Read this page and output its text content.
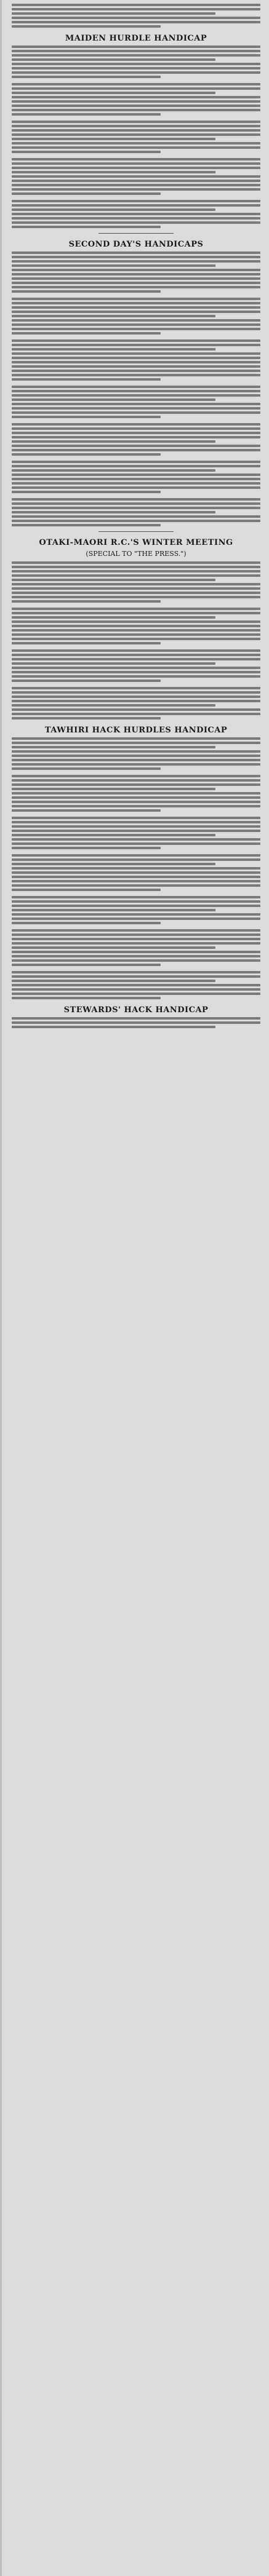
MAIDEN HURDLE HANDICAP
SECOND DAY'S HANDICAPS
OTAKI-MAORI R.C.'S WINTER MEETING
(SPECIAL TO "THE PRESS.")
TAWHIRI HACK HURDLES HANDICAP
STEWARDS' HACK HANDICAP
